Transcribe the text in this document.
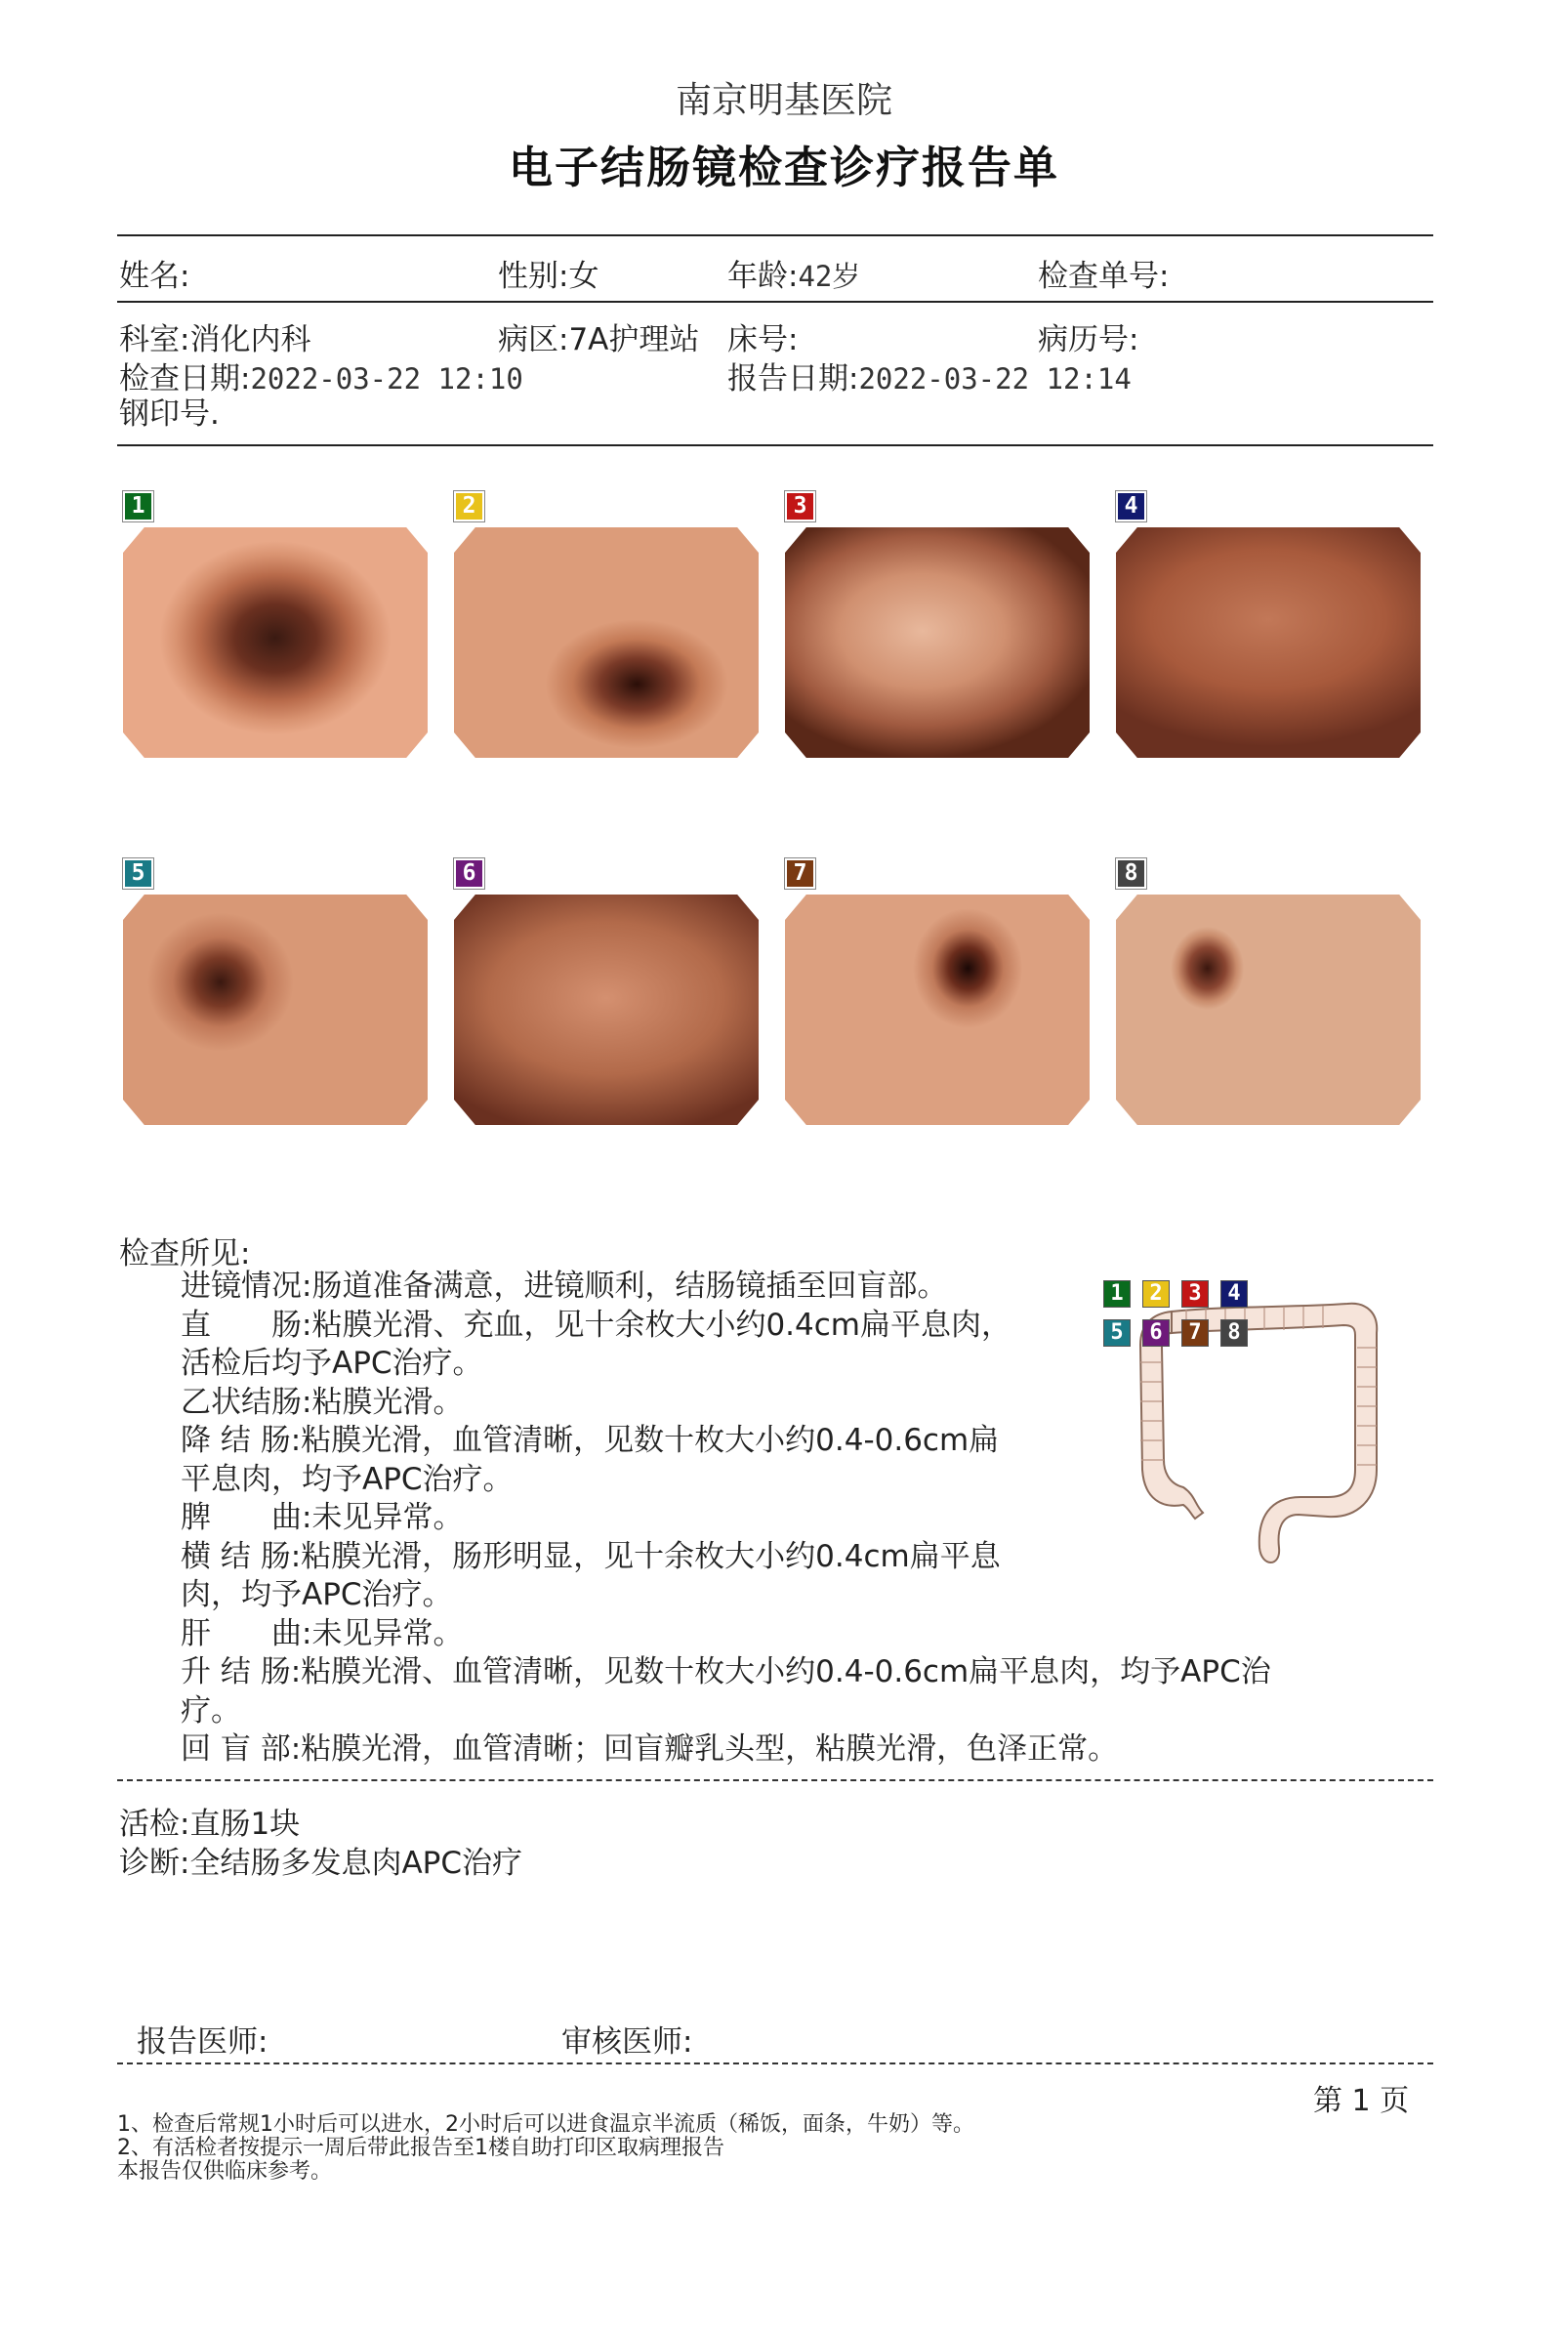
南京明基医院
电子结肠镜检查诊疗报告单
姓名:	性别:女	年龄:42岁	检查单号:
科室:消化内科	病区:7A护理站 床号:	病历号:
检查日期:2022-03-22 12:10	报告日期:2022-03-22 12:14
钢印号.
1	2	3	4
5	6	7	8
检查所见:
进镜情况:肠道准备满意，进镜顺利，结肠镜插至回盲部。
直　　肠:粘膜光滑、充血，见十余枚大小约0.4cm扁平息肉，
活检后均予APC治疗。
乙状结肠:粘膜光滑。
降 结 肠:粘膜光滑，血管清晰，见数十枚大小约0.4-0.6cm扁
平息肉，均予APC治疗。
脾　　曲:未见异常。
横 结 肠:粘膜光滑，肠形明显，见十余枚大小约0.4cm扁平息
肉，均予APC治疗。
肝　　曲:未见异常。
升 结 肠:粘膜光滑、血管清晰，见数十枚大小约0.4-0.6cm扁平息肉，均予APC治
疗。
回 盲 部:粘膜光滑，血管清晰；回盲瓣乳头型，粘膜光滑，色泽正常。
1	2	3	4
5	6	7	8
活检:直肠1块
诊断:全结肠多发息肉APC治疗
报告医师:	审核医师:
第 1 页
1、检查后常规1小时后可以进水，2小时后可以进食温京半流质（稀饭，面条，牛奶）等。
2、有活检者按提示一周后带此报告至1楼自助打印区取病理报告
本报告仅供临床参考。
